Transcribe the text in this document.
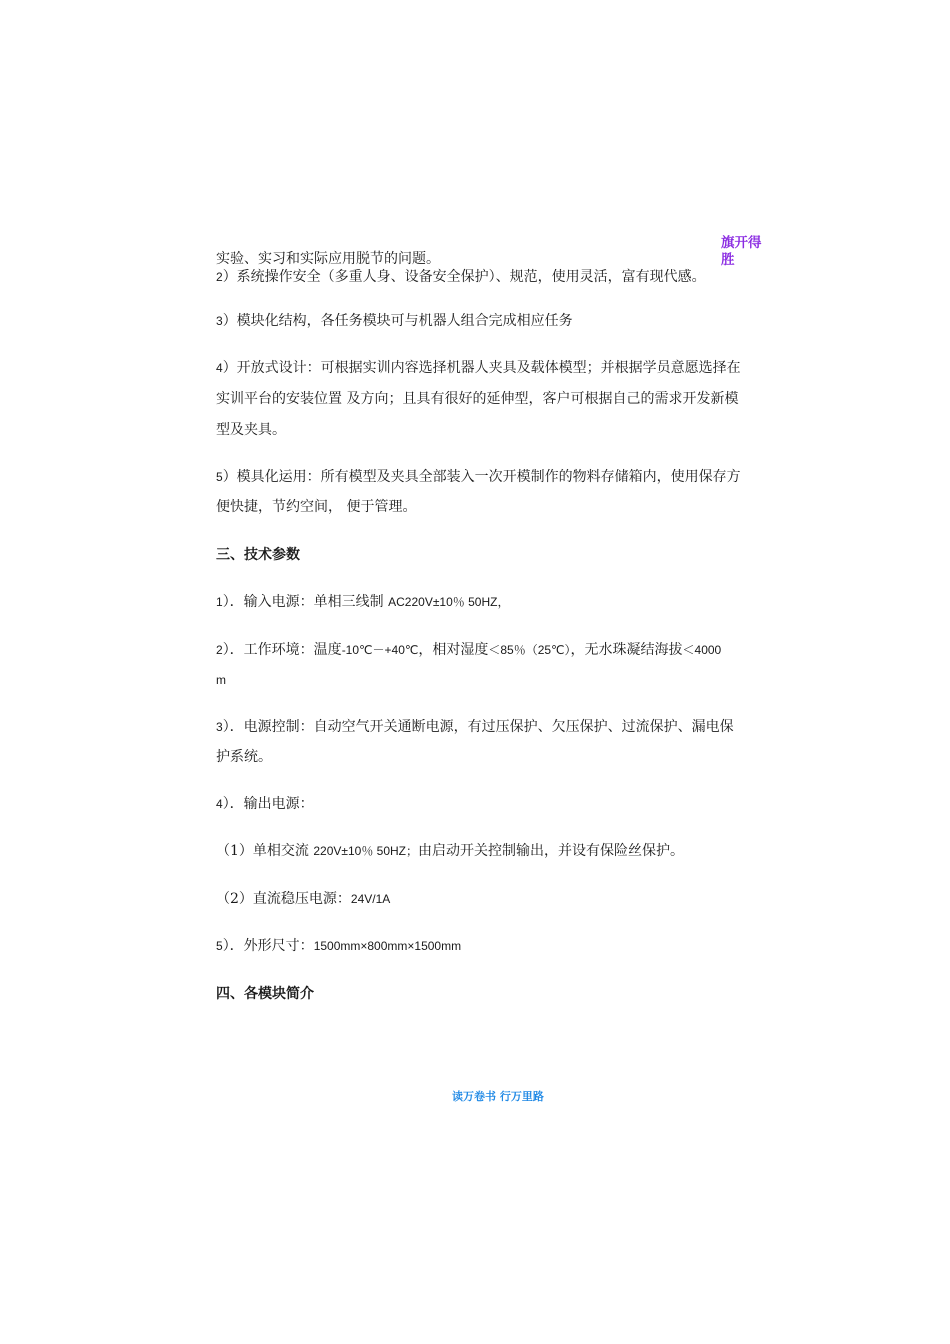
旗开得胜
实验、实习和实际应用脱节的问题。
2）系统操作安全（多重人身、设备安全保护）、规范，使用灵活，富有现代感。
3）模块化结构，各任务模块可与机器人组合完成相应任务
4）开放式设计：可根据实训内容选择机器人夹具及载体模型；并根据学员意愿选择在
实训平台的安装位置 及方向；且具有很好的延伸型，客户可根据自己的需求开发新模
型及夹具。
5）模具化运用：所有模型及夹具全部装入一次开模制作的物料存储箱内，使用保存方
便快捷，节约空间， 便于管理。
三、技术参数
1）．输入电源：单相三线制 AC220V±10％ 50HZ，
2）．工作环境：温度-10℃－+40℃，相对湿度＜85％（25℃），无水珠凝结海拔＜4000
m
3）．电源控制：自动空气开关通断电源，有过压保护、欠压保护、过流保护、漏电保
护系统。
4）．输出电源：
（1）单相交流 220V±10％ 50HZ；由启动开关控制输出，并设有保险丝保护。
（2）直流稳压电源：24V/1A
5）．外形尺寸：1500mm×800mm×1500mm
四、各模块简介
读万卷书 行万里路
